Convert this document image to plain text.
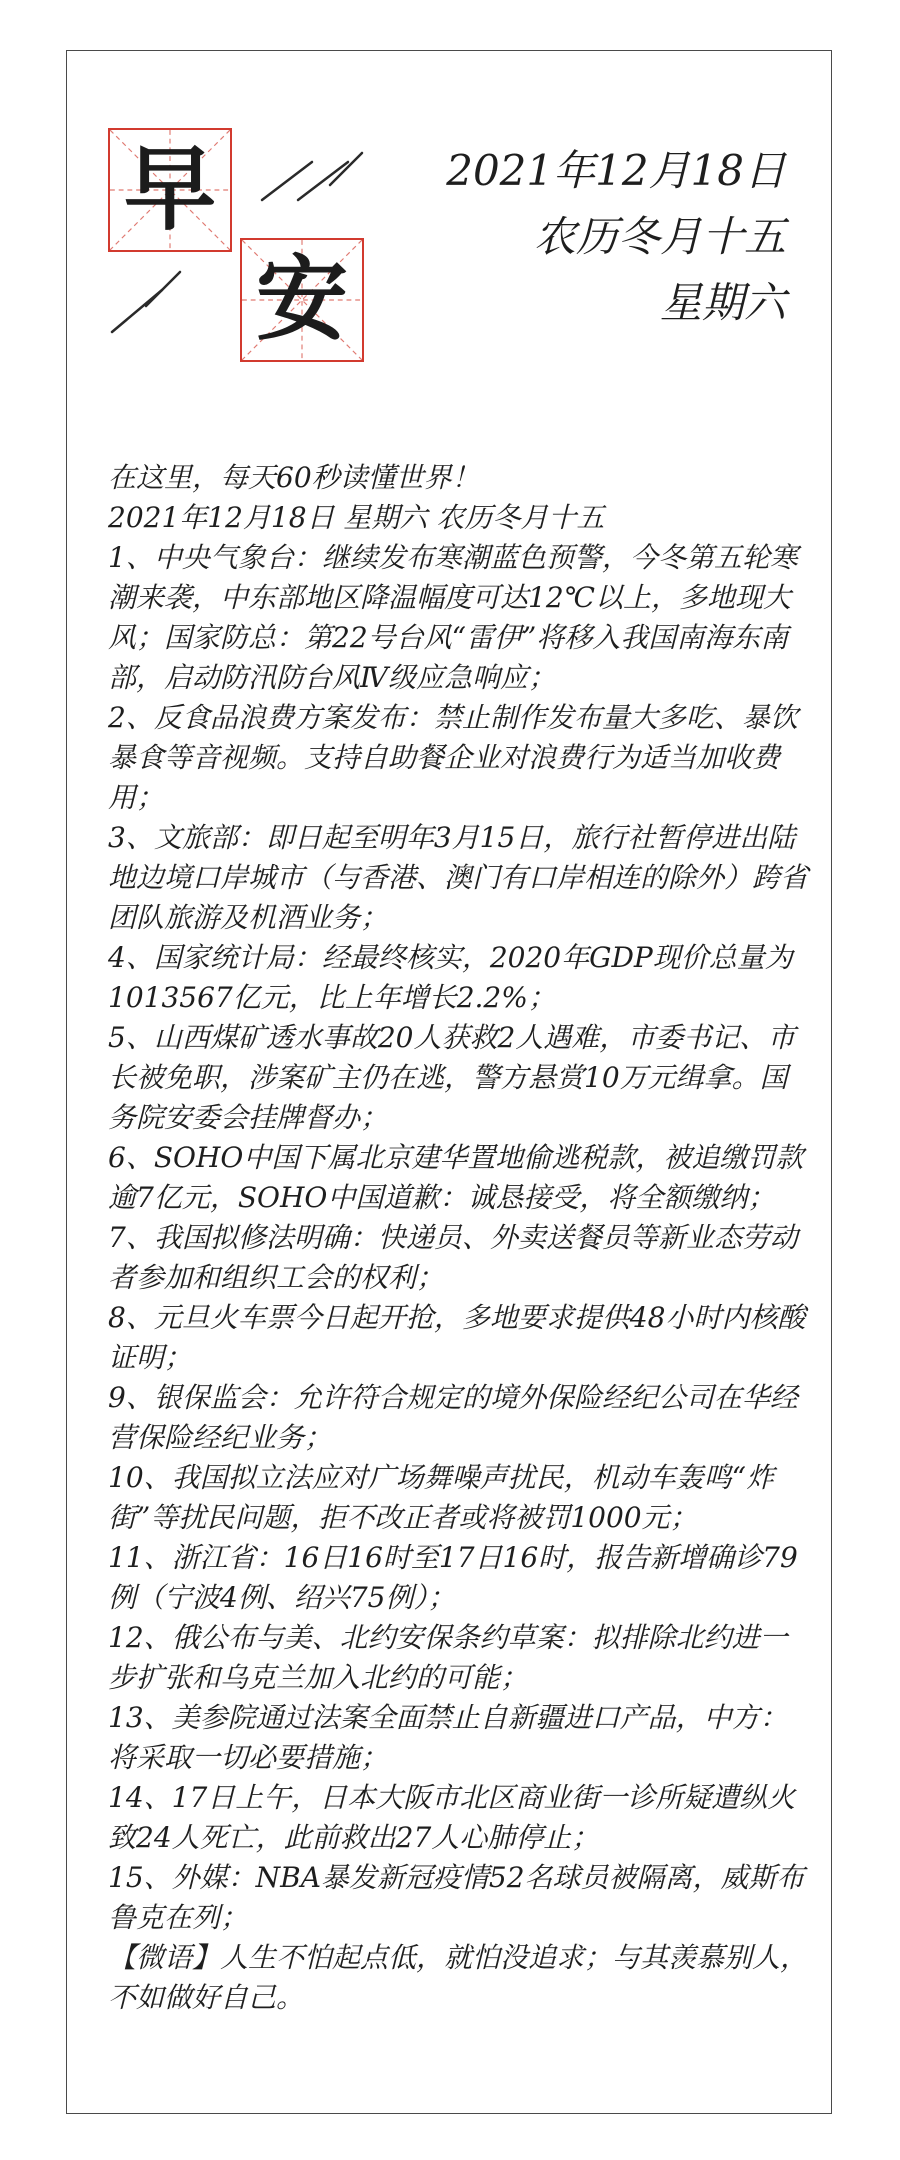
早
安
2021年12月18日
农历冬月十五
星期六

在这里，每天60秒读懂世界！

2021年12月18日 星期六 农历冬月十五

1、中央气象台：继续发布寒潮蓝色预警，今冬第五轮寒潮来袭，中东部地区降温幅度可达12℃以上，多地现大风；国家防总：第22号台风“雷伊”将移入我国南海东南部，启动防汛防台风Ⅳ级应急响应；

2、反食品浪费方案发布：禁止制作发布量大多吃、暴饮暴食等音视频。支持自助餐企业对浪费行为适当加收费用；

3、文旅部：即日起至明年3月15日，旅行社暂停进出陆地边境口岸城市（与香港、澳门有口岸相连的除外）跨省团队旅游及机酒业务；

4、国家统计局：经最终核实，2020年GDP现价总量为1013567亿元，比上年增长2.2%；

5、山西煤矿透水事故20人获救2人遇难，市委书记、市长被免职，涉案矿主仍在逃，警方悬赏10万元缉拿。国务院安委会挂牌督办；

6、SOHO中国下属北京建华置地偷逃税款，被追缴罚款逾7亿元，SOHO中国道歉：诚恳接受，将全额缴纳；

7、我国拟修法明确：快递员、外卖送餐员等新业态劳动者参加和组织工会的权利；

8、元旦火车票今日起开抢，多地要求提供48小时内核酸证明；

9、银保监会：允许符合规定的境外保险经纪公司在华经营保险经纪业务；

10、我国拟立法应对广场舞噪声扰民，机动车轰鸣“炸街”等扰民问题，拒不改正者或将被罚1000元；

11、浙江省：16日16时至17日16时，报告新增确诊79例（宁波4例、绍兴75例）；

12、俄公布与美、北约安保条约草案：拟排除北约进一步扩张和乌克兰加入北约的可能；

13、美参院通过法案全面禁止自新疆进口产品，中方：将采取一切必要措施；

14、17日上午，日本大阪市北区商业街一诊所疑遭纵火致24人死亡，此前救出27人心肺停止；

15、外媒：NBA暴发新冠疫情52名球员被隔离，威斯布鲁克在列；

【微语】人生不怕起点低，就怕没追求；与其羡慕别人，不如做好自己。
